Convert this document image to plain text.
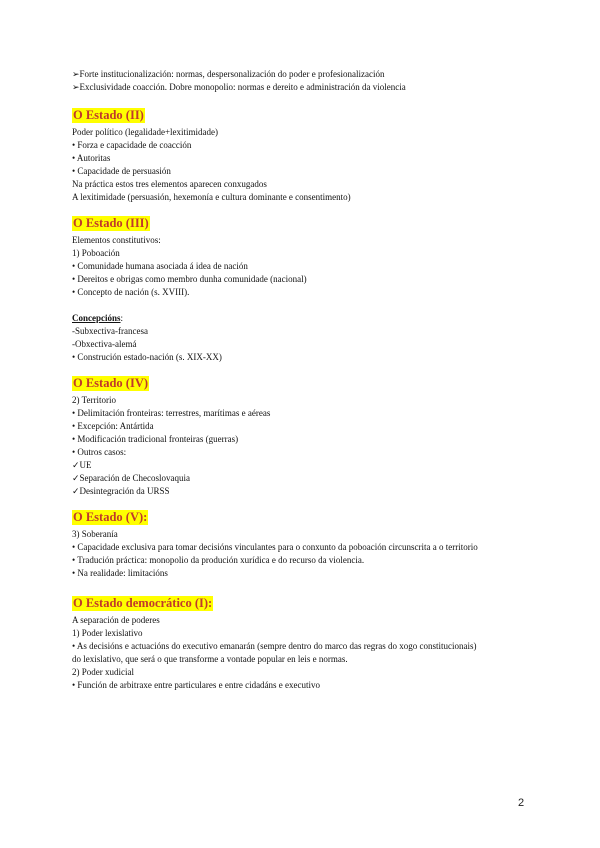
➢Forte institucionalización: normas, despersonalización do poder e profesionalización
➢Exclusividade coacción. Dobre monopolio: normas e dereito e administración da violencia
O Estado (II)
Poder político (legalidade+lexitimidade)
• Forza e capacidade de coacción
• Autoritas
• Capacidade de persuasión
Na práctica estos tres elementos aparecen conxugados
A lexitimidade (persuasión, hexemonía e cultura dominante e consentimento)
O Estado (III)
Elementos constitutivos:
1) Poboación
• Comunidade humana asociada á idea de nación
• Dereitos e obrigas como membro dunha comunidade (nacional)
• Concepto de nación (s. XVIII).
Concepcións:
-Subxectiva-francesa
-Obxectiva-alemá
• Construción estado-nación (s. XIX-XX)
O Estado (IV)
2) Territorio
• Delimitación fronteiras: terrestres, marítimas e aéreas
• Excepción: Antártida
• Modificación tradicional fronteiras (guerras)
• Outros casos:
✓UE
✓Separación de Checoslovaquia
✓Desintegración da URSS
O Estado (V):
3) Soberanía
• Capacidade exclusiva para tomar decisións vinculantes para o conxunto da poboación circunscrita a o territorio
• Tradución práctica: monopolio da produción xurídica e do recurso da violencia.
• Na realidade: limitacións
O Estado democrático (I):
A separación de poderes
1) Poder lexislativo
• As decisións e actuacións do executivo emanarán (sempre dentro do marco das regras do xogo constitucionais)
do lexislativo, que será o que transforme a vontade popular en leis e normas.
2) Poder xudicial
• Función de arbitraxe entre particulares e entre cidadáns e executivo
2
